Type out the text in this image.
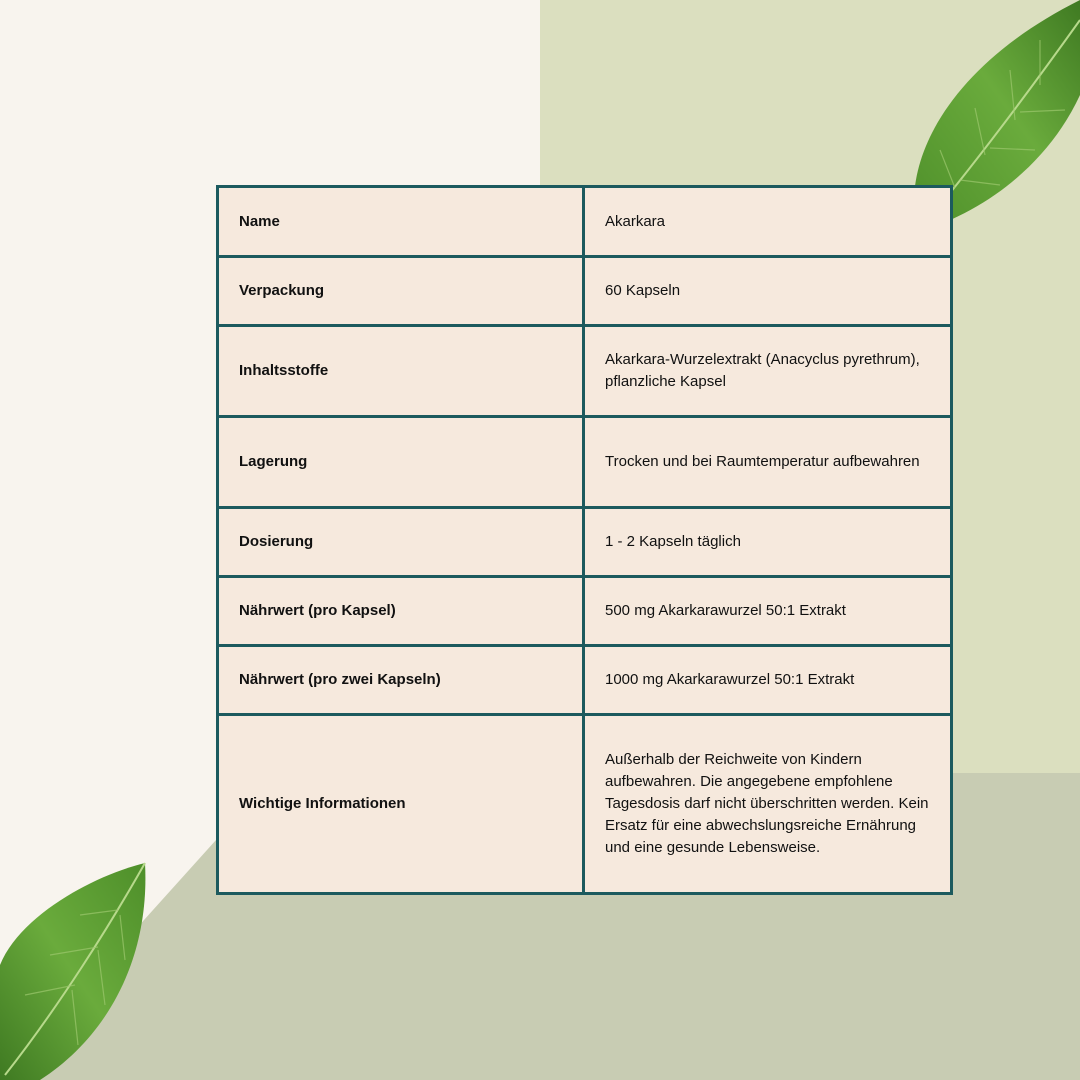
Name	Akarkara
Verpackung	60 Kapseln
Inhaltsstoffe	Akarkara-Wurzelextrakt (Anacyclus pyrethrum), pflanzliche Kapsel
Lagerung	Trocken und bei Raumtemperatur aufbewahren
Dosierung	1 - 2 Kapseln täglich
Nährwert (pro Kapsel)	500 mg Akarkarawurzel 50:1 Extrakt
Nährwert (pro zwei Kapseln)	1000 mg Akarkarawurzel 50:1 Extrakt
Wichtige Informationen	Außerhalb der Reichweite von Kindern aufbewahren. Die angegebene empfohlene Tagesdosis darf nicht überschritten werden. Kein Ersatz für eine abwechslungsreiche Ernährung und eine gesunde Lebensweise.
